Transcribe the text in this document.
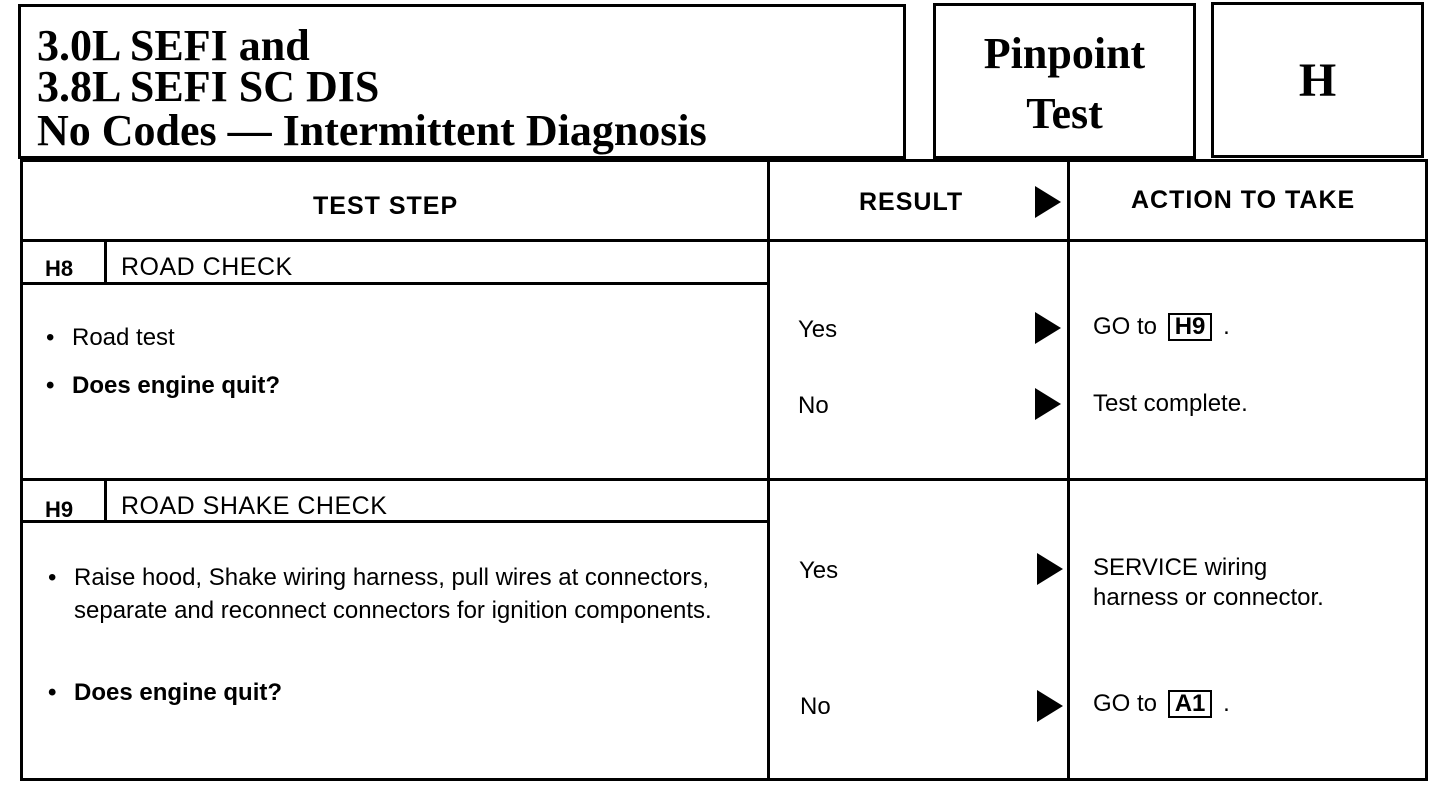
3.0L SEFI and
3.8L SEFI SC DIS
No Codes — Intermittent Diagnosis
Pinpoint
Test
H
TEST STEP	RESULT	ACTION TO TAKE
H8 ROAD CHECK
• Road test
• Does engine quit?
Yes	GO to H9 .
No	Test complete.
H9 ROAD SHAKE CHECK
• Raise hood, Shake wiring harness, pull wires at connectors, separate and reconnect connectors for ignition components.
• Does engine quit?
Yes	SERVICE wiring
harness or connector.
No	GO to A1 .
